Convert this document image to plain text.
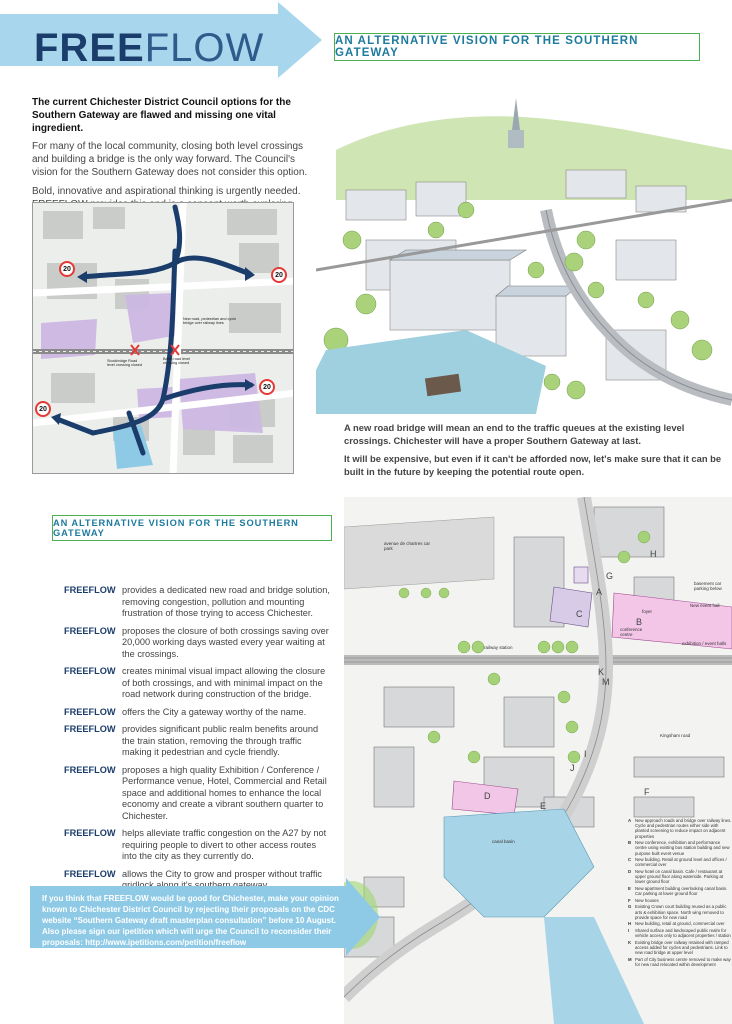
FREEFLOW	AN ALTERNATIVE VISION FOR THE SOUTHERN GATEWAY

The current Chichester District Council options for the Southern Gateway are flawed and missing one vital ingredient.

For many of the local community, closing both level crossings and building a bridge is the only way forward. The Council's vision for the Southern Gateway does not consider this option.

Bold, innovative and aspirational thinking is urgently needed.

20
20
20
20
New road, pedestrian and cycle bridge over railway lines
Stockbridge Road level crossing closed
Basin road level crossing closed

A new road bridge will mean an end to the traffic queues at the existing level crossings. Chichester will have a proper Southern Gateway at last.

It will be expensive, but even if it can't be afforded now, let's make sure that it can be built in the future by keeping the potential route open.

AN ALTERNATIVE VISION FOR THE SOUTHERN GATEWAY
FREEFLOW provides a dedicated new road and bridge solution, removing congestion, pollution and mounting frustration of those trying to access Chichester.
FREEFLOW proposes the closure of both crossings saving over 20,000 working days wasted every year waiting at the crossings.
FREEFLOW creates minimal visual impact allowing the closure of both crossings, and with minimal impact on the road network during construction of the bridge.
FREEFLOW offers the City a gateway worthy of the name.
FREEFLOW provides significant public realm benefits around the train station, removing the through traffic making it pedestrian and cycle friendly.
FREEFLOW proposes a high quality Exhibition / Conference / Performance venue, Hotel, Commercial and Retail space and additional homes to enhance the local economy and create a vibrant southern quarter to Chichester.
FREEFLOW helps alleviate traffic congestion on the A27 by not requiring people to divert to other access routes into the city as they currently do.
FREEFLOW allows the City to grow and prosper without traffic gridlock along it's southern gateway.
avenue de chartres car park
railway station
Kingsham road
canal basin
basement car parking below
New event hall
foyer
conference centre
exhibition / event halls
A
B
C
D
E
F
G
H
I
J
K
M
A New approach roads and bridge over railway lines. Cycle and pedestrian routes either side with planted screening to reduce impact on adjacent properties
B New conference, exhibition and performance centre using existing bus station building and new purpose built event venue
C New building. Retail at ground level and offices / commercial over
D New hotel on canal basin. Cafe / restaurant at upper ground floor along waterside. Parking at lower ground floor
E New apartment building overlooking canal basin. Car parking at lower ground floor
F	New houses
G Existing Crown court building reused as a public arts & exhibition space. North wing removed to provide space for new road
H New building, retail at ground, commercial over
I	Shared surface and landscaped public realm for vehicle access only to adjacent properties / station
K Existing bridge over railway retained with ramped access added for cycles and pedestrians. Link to new road bridge at upper level
M Part of City business centre removed to make way for new road relocated within development
If you think that FREEFLOW would be good for Chichester, make your opinion known to Chichester District Council by rejecting their proposals on the CDC website “Southern Gateway draft masterplan consultation” before 10 August. Also please sign our ipetition which will urge the Council to reconsider their proposals: http://www.ipetitions.com/petition/freeflow
